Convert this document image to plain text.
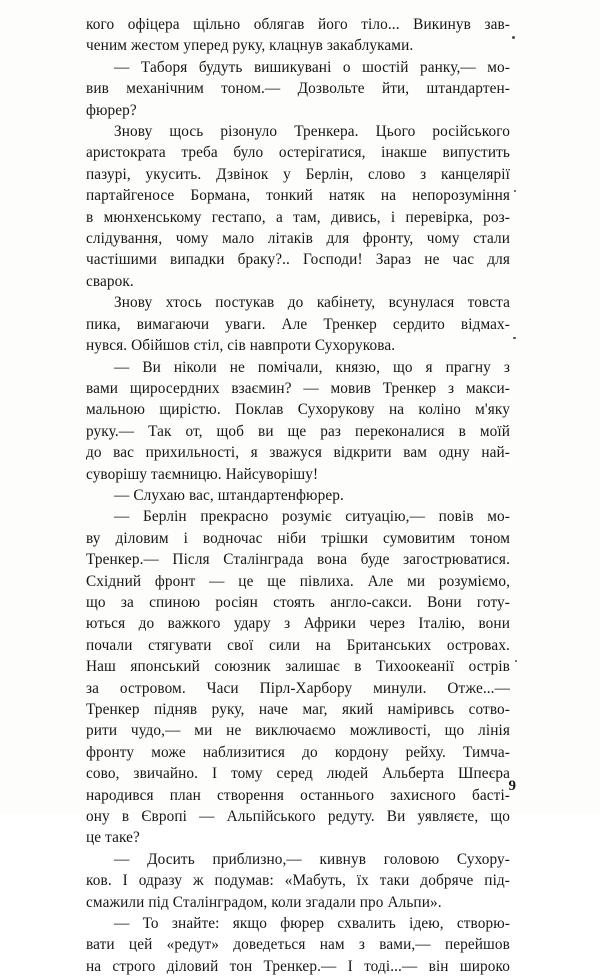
кого офіцера щільно облягав його тіло... Викинув зав-

ченим жестом уперед руку, клацнув закаблуками.

— Таборя будуть вишикувані о шостій ранку,— мо-

вив механічним тоном.— Дозвольте йти, штандартен-

фюрер?

Знову щось різонуло Тренкера. Цього російського

аристократа треба було остерігатися, інакше випустить

пазурі, укусить. Дзвінок у Берлін, слово з канцелярії

партайгеносе Бормана, тонкий натяк на непорозуміння

в мюнхенському гестапо, а там, дивись, і перевірка, роз-

слідування, чому мало літаків для фронту, чому стали

частішими випадки браку?.. Господи! Зараз не час для

сварок.

Знову хтось постукав до кабінету, всунулася товста

пика, вимагаючи уваги. Але Тренкер сердито відмах-

нувся. Обійшов стіл, сів навпроти Сухорукова.

— Ви ніколи не помічали, князю, що я прагну з

вами щиросердних взаємин? — мовив Тренкер з макси-

мальною щирістю. Поклав Сухорукову на коліно м'яку

руку.— Так от, щоб ви ще раз переконалися в моїй

до вас прихильності, я зважуся відкрити вам одну най-

суворішу таємницю. Найсуворішу!

— Слухаю вас, штандартенфюрер.

— Берлін прекрасно розуміє ситуацію,— повів мо-

ву діловим і водночас ніби трішки сумовитим тоном

Тренкер.— Після Сталінграда вона буде загострюватися.

Східний фронт — це ще півлиха. Але ми розуміємо,

що за спиною росіян стоять англо-сакси. Вони готу-

ються до важкого удару з Африки через Італію, вони

почали стягувати свої сили на Британських островах.

Наш японський союзник залишає в Тихоокеанії острів

за островом. Часи Пірл-Харбору минули. Отже...—

Тренкер підняв руку, наче маг, який наміривсь сотво-

рити чудо,— ми не виключаємо можливості, що лінія

фронту може наблизитися до кордону рейху. Тимча-

сово, звичайно. І тому серед людей Альберта Шпеєра

народився план створення останнього захисного басті-

ону в Європі — Альпійського редуту. Ви уявляєте, що

це таке?

— Досить приблизно,— кивнув головою Сухору-

ков. І одразу ж подумав: «Мабуть, їх таки добряче під-

смажили під Сталінградом, коли згадали про Альпи».

— То знайте: якщо фюрер схвалить ідею, створю-

вати цей «редут» доведеться нам з вами,— перейшов

на строго діловий тон Тренкер.— І тоді...— він широко

9
